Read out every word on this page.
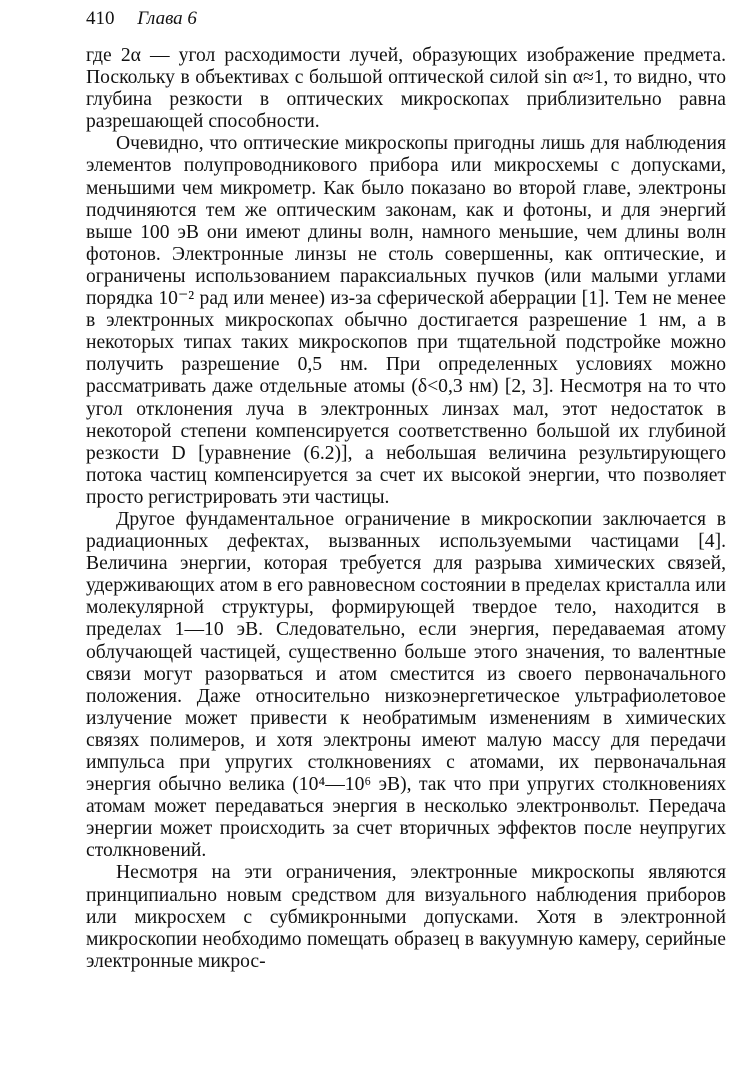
410 Глава 6

где 2α — угол расходимости лучей, образующих изображение предмета. Поскольку в объективах с большой оптической силой sin α≈1, то видно, что глубина резкости в оптических микроскопах приблизительно равна разрешающей способности.

Очевидно, что оптические микроскопы пригодны лишь для наблюдения элементов полупроводникового прибора или микросхемы с допусками, меньшими чем микрометр. Как было показано во второй главе, электроны подчиняются тем же оптическим законам, как и фотоны, и для энергий выше 100 эВ они имеют длины волн, намного меньшие, чем длины волн фотонов. Электронные линзы не столь совершенны, как оптические, и ограничены использованием параксиальных пучков (или малыми углами порядка 10⁻² рад или менее) из-за сферической аберрации [1]. Тем не менее в электронных микроскопах обычно достигается разрешение 1 нм, а в некоторых типах таких микроскопов при тщательной подстройке можно получить разрешение 0,5 нм. При определенных условиях можно рассматривать даже отдельные атомы (δ<0,3 нм) [2, 3]. Несмотря на то что угол отклонения луча в электронных линзах мал, этот недостаток в некоторой степени компенсируется соответственно большой их глубиной резкости D [уравнение (6.2)], а небольшая величина результирующего потока частиц компенсируется за счет их высокой энергии, что позволяет просто регистрировать эти частицы.

Другое фундаментальное ограничение в микроскопии заключается в радиационных дефектах, вызванных используемыми частицами [4]. Величина энергии, которая требуется для разрыва химических связей, удерживающих атом в его равновесном состоянии в пределах кристалла или молекулярной структуры, формирующей твердое тело, находится в пределах 1—10 эВ. Следовательно, если энергия, передаваемая атому облучающей частицей, существенно больше этого значения, то валентные связи могут разорваться и атом сместится из своего первоначального положения. Даже относительно низкоэнергетическое ультрафиолетовое излучение может привести к необратимым изменениям в химических связях полимеров, и хотя электроны имеют малую массу для передачи импульса при упругих столкновениях с атомами, их первоначальная энергия обычно велика (10⁴—10⁶ эВ), так что при упругих столкновениях атомам может передаваться энергия в несколько электронвольт. Передача энергии может происходить за счет вторичных эффектов после неупругих столкновений.

Несмотря на эти ограничения, электронные микроскопы являются принципиально новым средством для визуального наблюдения приборов или микросхем с субмикронными допусками. Хотя в электронной микроскопии необходимо помещать образец в вакуумную камеру, серийные электронные микрос-
